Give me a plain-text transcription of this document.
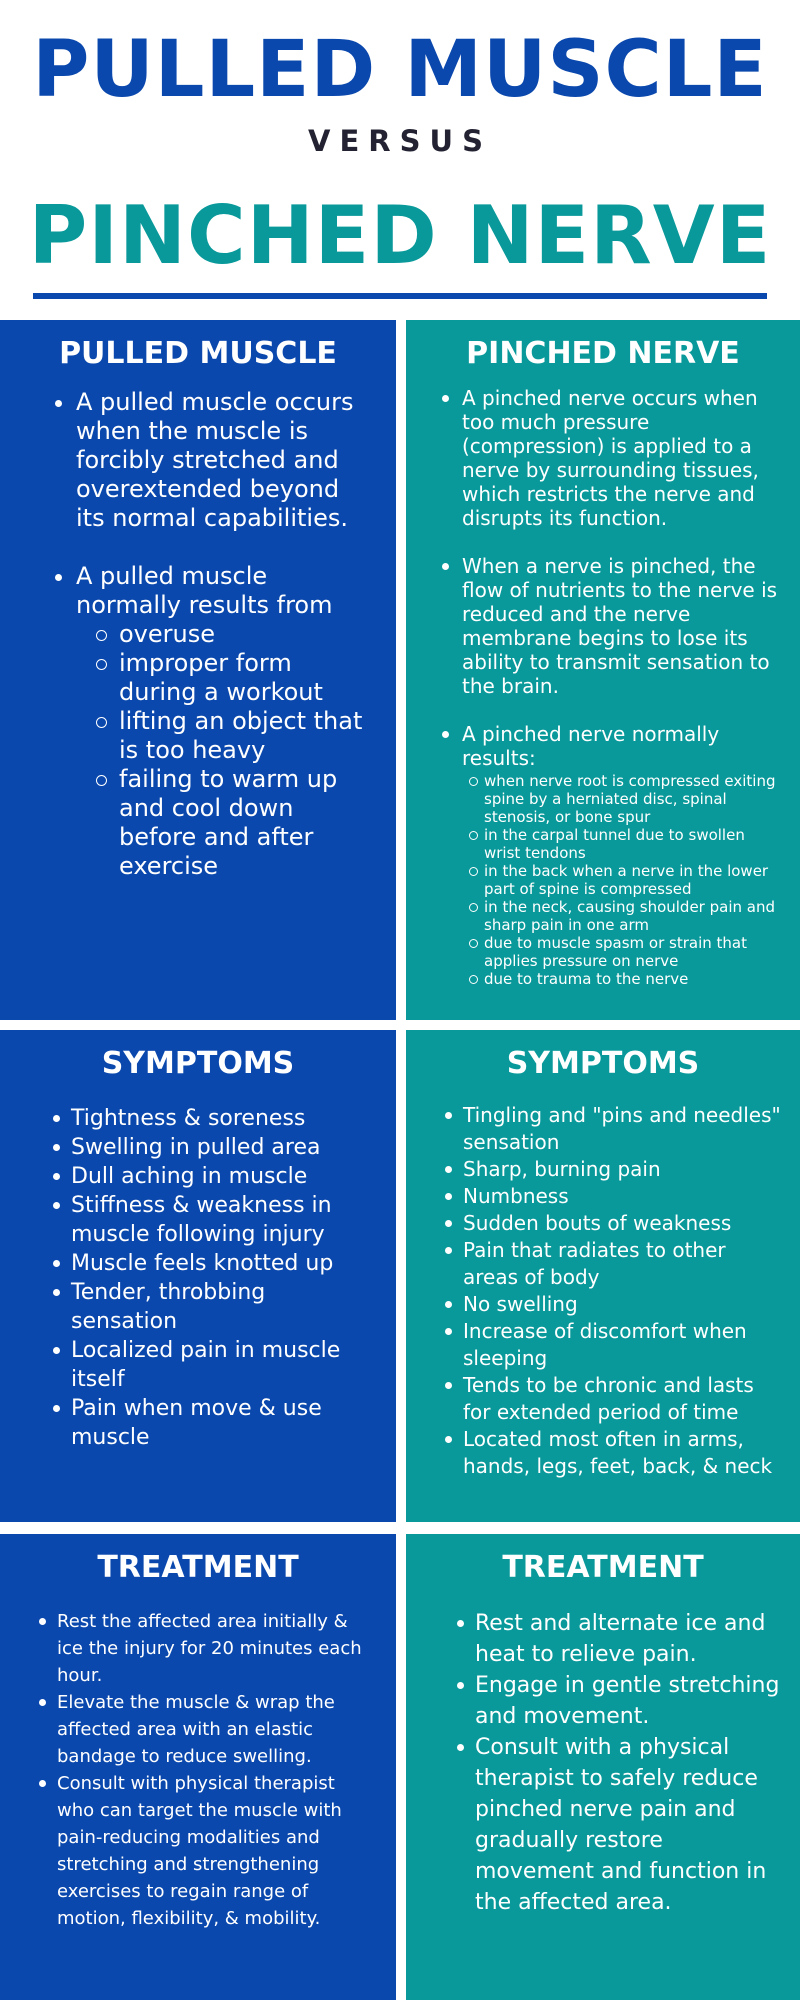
PULLED MUSCLE
VERSUS
PINCHED NERVE
PULLED MUSCLE
A pulled muscle occurs when the muscle is forcibly stretched and overextended beyond its normal capabilities.
A pulled muscle normally results from
overuse
improper form during a workout
lifting an object that is too heavy
failing to warm up and cool down before and after exercise
PINCHED NERVE
A pinched nerve occurs when too much pressure (compression) is applied to a nerve by surrounding tissues, which restricts the nerve and disrupts its function.
When a nerve is pinched, the flow of nutrients to the nerve is reduced and the nerve membrane begins to lose its ability to transmit sensation to the brain.
A pinched nerve normally results:
when nerve root is compressed exiting spine by a herniated disc, spinal stenosis, or bone spur
in the carpal tunnel due to swollen wrist tendons
in the back when a nerve in the lower part of spine is compressed
in the neck, causing shoulder pain and sharp pain in one arm
due to muscle spasm or strain that applies pressure on nerve
due to trauma to the nerve
SYMPTOMS
Tightness & soreness
Swelling in pulled area
Dull aching in muscle
Stiffness & weakness in muscle following injury
Muscle feels knotted up
Tender, throbbing sensation
Localized pain in muscle itself
Pain when move & use muscle
SYMPTOMS
Tingling and "pins and needles" sensation
Sharp, burning pain
Numbness
Sudden bouts of weakness
Pain that radiates to other areas of body
No swelling
Increase of discomfort when sleeping
Tends to be chronic and lasts for extended period of time
Located most often in arms, hands, legs, feet, back, & neck
TREATMENT
Rest the affected area initially & ice the injury for 20 minutes each hour.
Elevate the muscle & wrap the affected area with an elastic bandage to reduce swelling.
Consult with physical therapist who can target the muscle with pain-reducing modalities and stretching and strengthening exercises to regain range of motion, flexibility, & mobility.
TREATMENT
Rest and alternate ice and heat to relieve pain.
Engage in gentle stretching and movement.
Consult with a physical therapist to safely reduce pinched nerve pain and gradually restore movement and function in the affected area.
